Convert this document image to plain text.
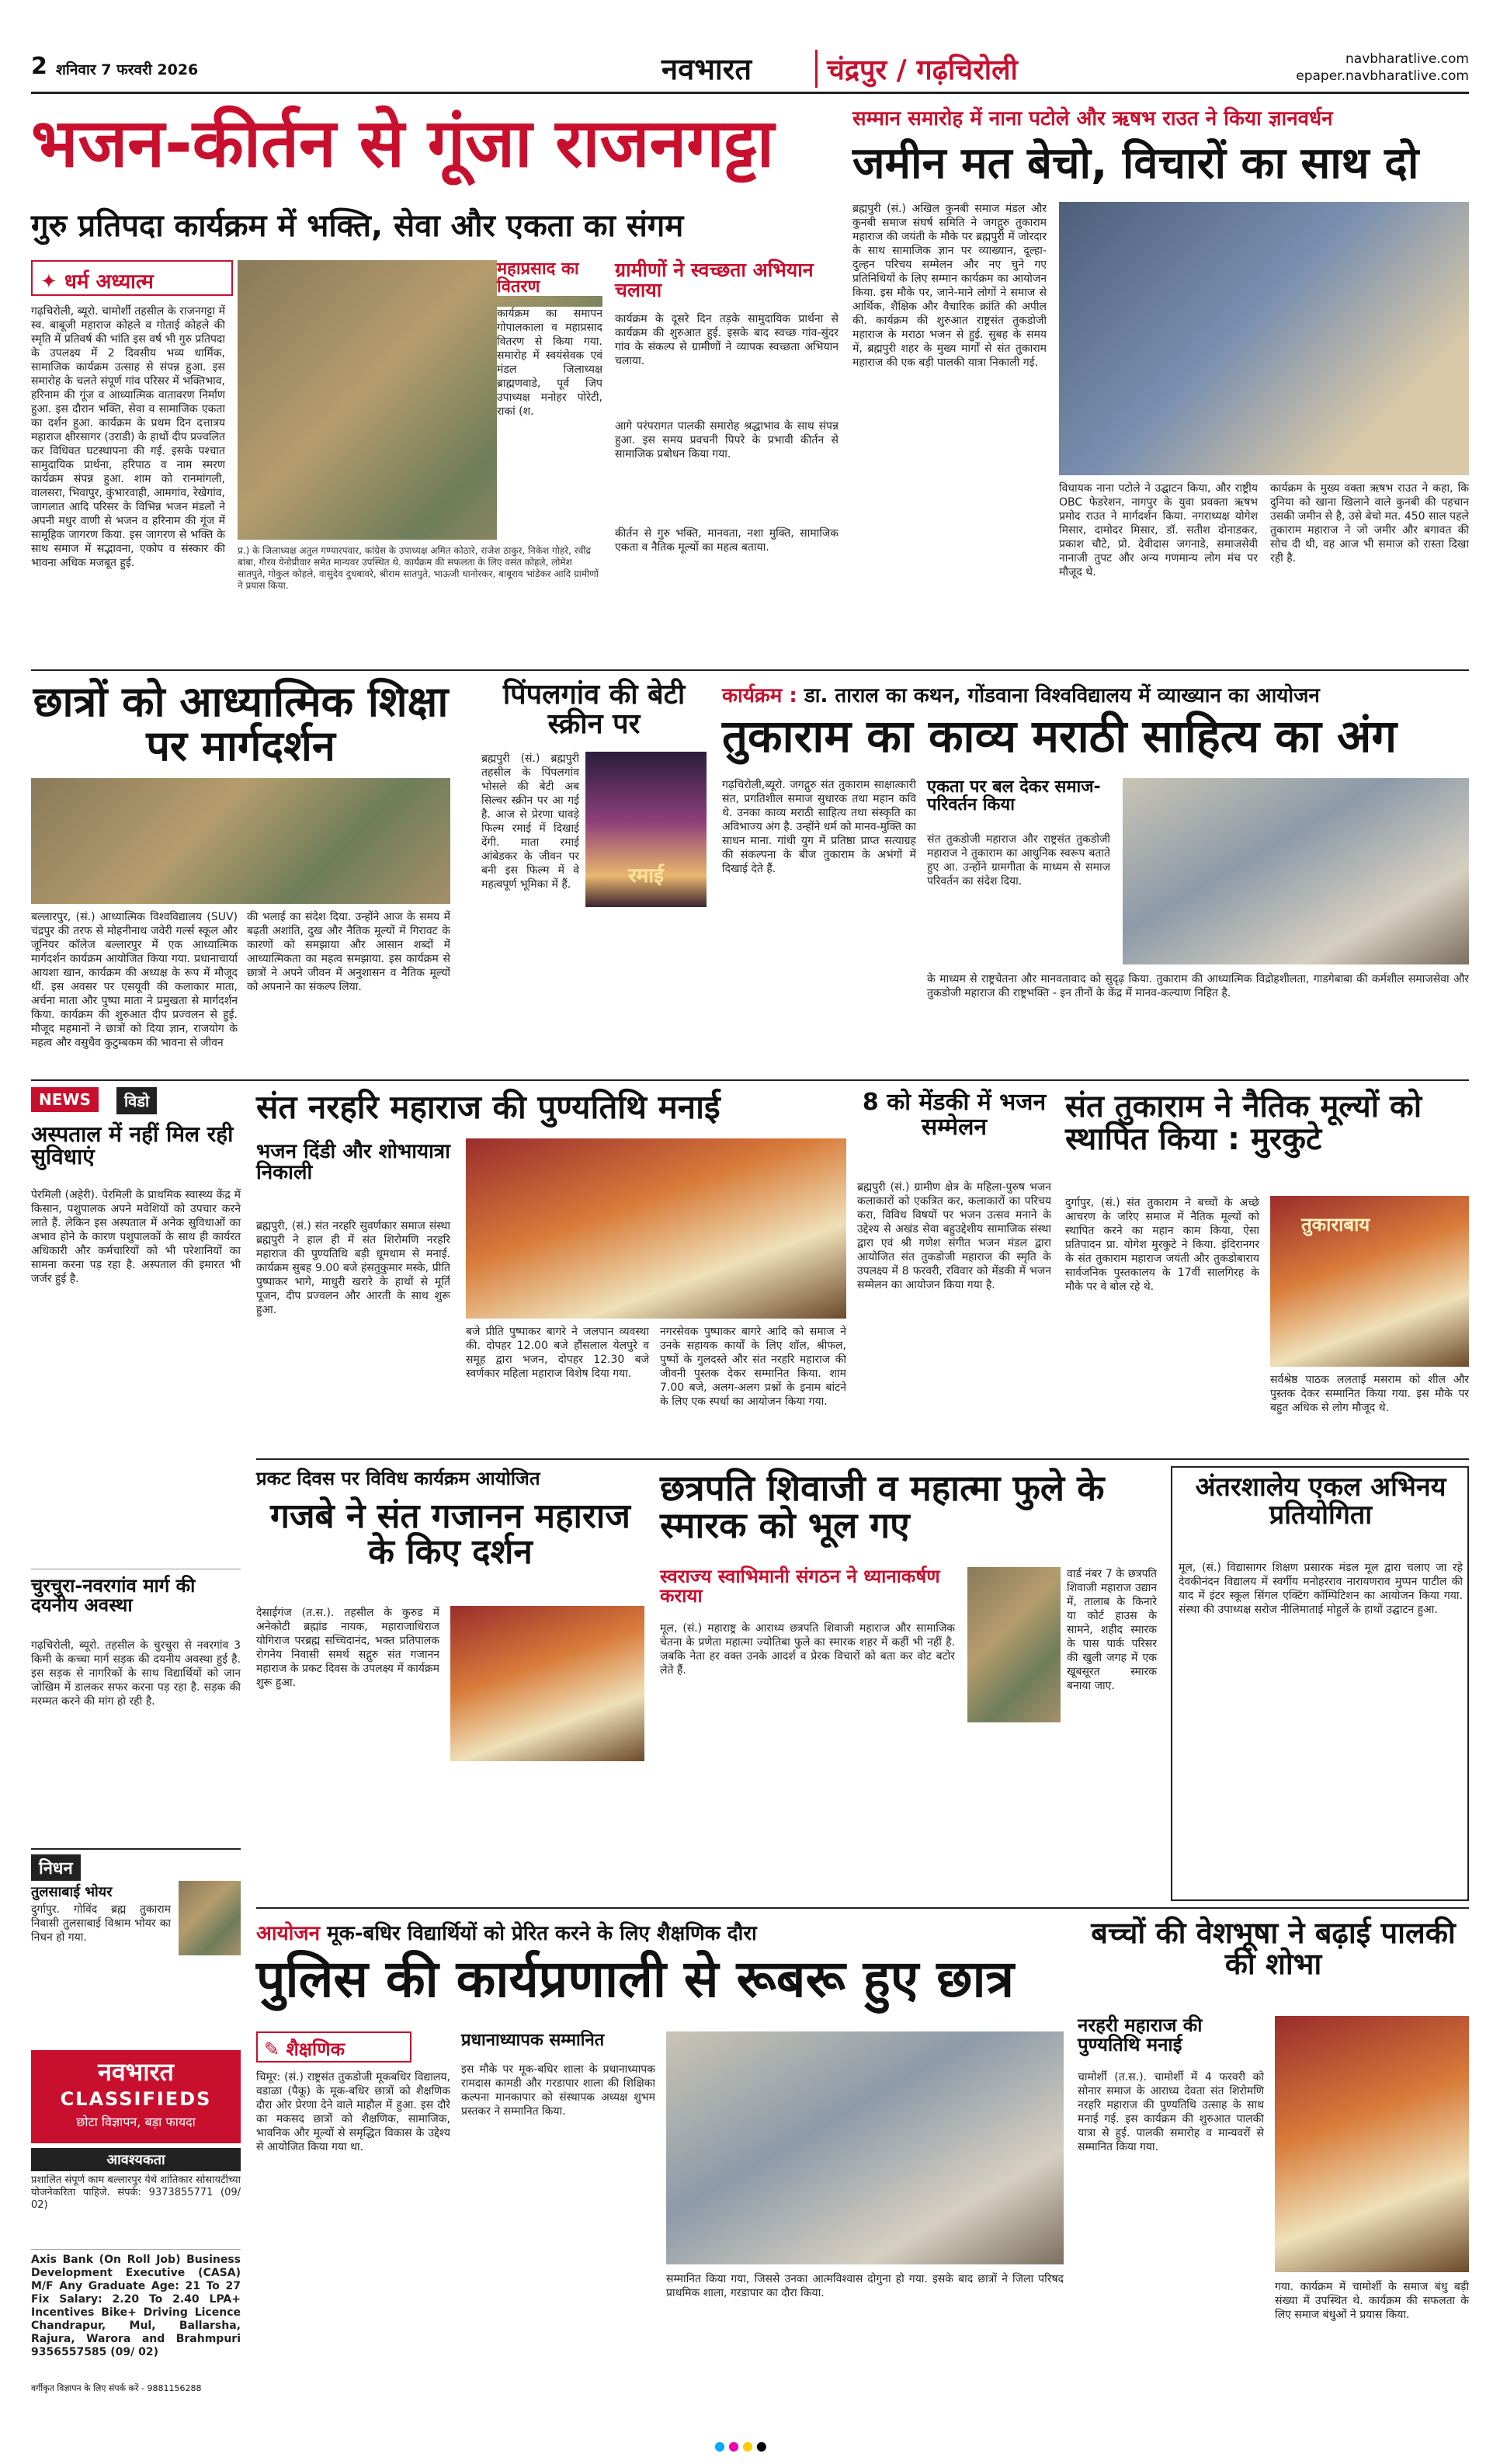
2 शनिवार 7 फरवरी 2026	नवभारत	चंद्रपुर / गढ़चिरोली	navbharatlive.com
epaper.navbharatlive.com
भजन-कीर्तन से गूंजा राजनगट्टा
गुरु प्रतिपदा कार्यक्रम में भक्ति, सेवा और एकता का संगम
✦ धर्म अध्यात्म
गढ़चिरोली, ब्यूरो. चामोर्शी तहसील के राजनगट्टा में स्व. बाबूजी महाराज कोहले व गोताई कोहले की स्मृति में प्रतिवर्ष की भांति इस वर्ष भी गुरु प्रतिपदा के उपलक्ष्य में 2 दिवसीय भव्य धार्मिक, सामाजिक कार्यक्रम उत्साह से संपन्न हुआ. इस समारोह के चलते संपूर्ण गांव परिसर में भक्तिभाव, हरिनाम की गूंज व आध्यात्मिक वातावरण निर्माण हुआ. इस दौरान भक्ति, सेवा व सामाजिक एकता का दर्शन हुआ. कार्यक्रम के प्रथम दिन दत्तात्रय महाराज क्षीरसागर (उराडी) के हाथों दीप प्रज्वलित कर विधिवत घटस्थापना की गई. इसके पश्चात सामुदायिक प्रार्थना, हरिपाठ व नाम स्मरण कार्यक्रम संपन्न हुआ. शाम को रानमांगली, वालसरा, भिवापुर, कुंभारवाही, आमगांव, रेखेगांव, जागलात आदि परिसर के विभिन्न भजन मंडलों ने अपनी मधुर वाणी से भजन व हरिनाम की गूंज में सामूहिक जागरण किया. इस जागरण से भक्ति के साथ समाज में सद्भावना, एकोप व संस्कार की भावना अधिक मजबूत हुई.
प्र.) के जिलाध्यक्ष अतुल गण्यारपवार, कांग्रेस के उपाध्यक्ष अमित कोठारे, राजेश ठाकुर, निकेश गोहरे, रवींद्र बांबा, गौरव येनोप्रीवार समेत मान्यवर उपस्थित थे. कार्यक्रम की सफलता के लिए वसंत कोहले, लोमेश सातपुते, गोकुल कोहले, वासुदेव दुधबावरे, श्रीराम सातपुते, भाऊजी धानोरकर, बाबूराव भांडेकर आदि ग्रामीणों ने प्रयास किया.
महाप्रसाद का वितरण
कार्यक्रम का समापन गोपालकाला व महाप्रसाद वितरण से किया गया. समारोह में स्वयंसेवक एवं मंडल जिलाध्यक्ष ब्राह्मणवाडे, पूर्व जिप उपाध्यक्ष मनोहर पोरेटी, राकां (श.
ग्रामीणों ने स्वच्छता अभियान चलाया
कार्यक्रम के दूसरे दिन तड़के सामुदायिक प्रार्थना से कार्यक्रम की शुरुआत हुई. इसके बाद स्वच्छ गांव-सुंदर गांव के संकल्प से ग्रामीणों ने व्यापक स्वच्छता अभियान चलाया.
आगे परंपरागत पालकी समारोह श्रद्धाभाव के साथ संपन्न हुआ. इस समय प्रवचनी पिपरे के प्रभावी कीर्तन से सामाजिक प्रबोधन किया गया.
कीर्तन से गुरु भक्ति, मानवता, नशा मुक्ति, सामाजिक एकता व नैतिक मूल्यों का महत्व बताया.
सम्मान समारोह में नाना पटोले और ऋषभ राउत ने किया ज्ञानवर्धन
जमीन मत बेचो, विचारों का साथ दो
ब्रह्मपुरी (सं.) अखिल कुनबी समाज मंडल और कुनबी समाज संघर्ष समिति ने जगद्गुरु तुकाराम महाराज की जयंती के मौके पर ब्रह्मपुरी में जोरदार के साथ सामाजिक ज्ञान पर व्याख्यान, दूल्हा-दुल्हन परिचय सम्मेलन और नए चुने गए प्रतिनिधियों के लिए सम्मान कार्यक्रम का आयोजन किया. इस मौके पर, जाने-माने लोगों ने समाज से आर्थिक, शैक्षिक और वैचारिक क्रांति की अपील की. कार्यक्रम की शुरुआत राष्ट्रसंत तुकडोजी महाराज के मराठा भजन से हुई. सुबह के समय में, ब्रह्मपुरी शहर के मुख्य मार्गों से संत तुकाराम महाराज की एक बड़ी पालकी यात्रा निकाली गई.
विधायक नाना पटोले ने उद्घाटन किया, और राष्ट्रीय OBC फेडरेशन, नागपुर के युवा प्रवक्ता ऋषभ प्रमोद राउत ने मार्गदर्शन किया. नगराध्यक्ष योगेश मिसार, दामोदर मिसार, डॉ. सतीश दोनाडकर, प्रकाश चौटे, प्रो. देवीदास जगनाडे, समाजसेवी नानाजी तुपट और अन्य गणमान्य लोग मंच पर मौजूद थे.
कार्यक्रम के मुख्य वक्ता ऋषभ राउत ने कहा, कि दुनिया को खाना खिलाने वाले कुनबी की पहचान उसकी जमीन से है, उसे बेचो मत. 450 साल पहले तुकाराम महाराज ने जो जमीर और बगावत की सोच दी थी, वह आज भी समाज को रास्ता दिखा रही है.
छात्रों को आध्यात्मिक शिक्षा पर मार्गदर्शन
बल्लारपुर, (सं.) आध्यात्मिक विश्वविद्यालय (SUV) चंद्रपुर की तरफ से मोहनीनाथ जवेरी गर्ल्स स्कूल और जूनियर कॉलेज बल्लारपुर में एक आध्यात्मिक मार्गदर्शन कार्यक्रम आयोजित किया गया. प्रधानाचार्या आयशा खान, कार्यक्रम की अध्यक्ष के रूप में मौजूद थीं. इस अवसर पर एसयूवी की कलाकार माता, अर्चना माता और पुष्पा माता ने प्रमुखता से मार्गदर्शन किया. कार्यक्रम की शुरुआत दीप प्रज्वलन से हुई. मौजूद महमानों ने छात्रों को दिया ज्ञान, राजयोग के महत्व और वसुधैव कुटुम्बकम की भावना से जीवन
की भलाई का संदेश दिया. उन्होंने आज के समय में बढ़ती अशांति, दुख और नैतिक मूल्यों में गिरावट के कारणों को समझाया और आसान शब्दों में आध्यात्मिकता का महत्व समझाया. इस कार्यक्रम से छात्रों ने अपने जीवन में अनुशासन व नैतिक मूल्यों को अपनाने का संकल्प लिया.
पिंपलगांव की बेटी स्क्रीन पर
ब्रह्मपुरी (सं.) ब्रह्मपुरी तहसील के पिंपलगांव भोसले की बेटी अब सिल्वर स्क्रीन पर आ गई है. आज से प्रेरणा धावड़े फिल्म रमाई में दिखाई देंगी. माता रमाई आंबेडकर के जीवन पर बनी इस फिल्म में वे महत्वपूर्ण भूमिका में हैं.	रमाई
कार्यक्रम : डा. ताराल का कथन, गोंडवाना विश्वविद्यालय में व्याख्यान का आयोजन
तुकाराम का काव्य मराठी साहित्य का अंग
गढ़चिरोली,ब्यूरो. जगद्गुरु संत तुकाराम साक्षात्कारी संत, प्रगतिशील समाज सुधारक तथा महान कवि थे. उनका काव्य मराठी साहित्य तथा संस्कृति का अविभाज्य अंग है. उन्होंने धर्म को मानव-मुक्ति का साधन माना. गांधी युग में प्रतिष्ठा प्राप्त सत्याग्रह की संकल्पना के बीज तुकाराम के अभंगों में दिखाई देते हैं.
एकता पर बल देकर समाज-परिवर्तन किया
संत तुकडोजी महाराज और राष्ट्रसंत तुकडोजी महाराज ने तुकाराम का आधुनिक स्वरूप बताते हुए आ. उन्होंने ग्रामगीता के माध्यम से समाज परिवर्तन का संदेश दिया.
के माध्यम से राष्ट्रचेतना और मानवतावाद को सुदृढ़ किया. तुकाराम की आध्यात्मिक विद्रोहशीलता, गाडगेबाबा की कर्मशील समाजसेवा और तुकडोजी महाराज की राष्ट्रभक्ति - इन तीनों के केंद्र में मानव-कल्याण निहित है.
NEWS	विडो
अस्पताल में नहीं मिल रही सुविधाएं
पेरमिली (अहेरी). पेरमिली के प्राथमिक स्वास्थ्य केंद्र में किसान, पशुपालक अपने मवेशियों को उपचार करने लाते हैं. लेकिन इस अस्पताल में अनेक सुविधाओं का अभाव होने के कारण पशुपालकों के साथ ही कार्यरत अधिकारी और कर्मचारियों को भी परेशानियों का सामना करना पड़ रहा है. अस्पताल की इमारत भी जर्जर हुई है.
चुरचुरा-नवरगांव मार्ग की दयनीय अवस्था
गढ़चिरोली, ब्यूरो. तहसील के चुरचुरा से नवरगांव 3 किमी के कच्चा मार्ग सड़क की दयनीय अवस्था हुई है. इस सड़क से नागरिकों के साथ विद्यार्थियों को जान जोखिम में डालकर सफर करना पड़ रहा है. सड़क की मरम्मत करने की मांग हो रही है.
निधन
तुलसाबाई भोयर
दुर्गापुर. गोविंद ब्रह्म तुकाराम निवासी तुलसाबाई विश्राम भोयर का निधन हो गया.
नवभारत
CLASSIFIEDS
छोटा विज्ञापन, बड़ा फायदा
आवश्यकता
प्रशालित संपूर्ण काम बल्लारपुर येथे शांतिकार सोसायटीच्या योजनेकरिता पाहिजे. संपर्क: 9373855771 (09/ 02)
Axis Bank (On Roll Job) Business Development Executive (CASA) M/F Any Graduate Age: 21 To 27 Fix Salary: 2.20 To 2.40 LPA+ Incentives Bike+ Driving Licence Chandrapur, Mul, Ballarsha, Rajura, Warora and Brahmpuri 9356557585 (09/ 02)
वर्गीकृत विज्ञापन के लिए संपर्क करें - 9881156288
संत नरहरि महाराज की पुण्यतिथि मनाई
भजन दिंडी और शोभायात्रा निकाली
ब्रह्मपुरी, (सं.) संत नरहरि सुवर्णकार समाज संस्था ब्रह्मपुरी ने हाल ही में संत शिरोमणि नरहरि महाराज की पुण्यतिथि बड़ी धूमधाम से मनाई. कार्यक्रम सुबह 9.00 बजे हंसतुकुमार मस्के, प्रीति पुष्पाकर भागे, माधुरी खरारे के हाथों से मूर्ति पूजन, दीप प्रज्वलन और आरती के साथ शुरू हुआ.
बजे प्रीति पुष्पाकर बागरे ने जलपान व्यवस्था की. दोपहर 12.00 बजे हौंसलाल येलपुरे व समूह द्वारा भजन, दोपहर 12.30 बजे स्वर्णकार महिला महाराज विशेष दिया गया.
नगरसेवक पुष्पाकर बागरे आदि को समाज ने उनके सहायक कार्यों के लिए शॉल, श्रीफल, पुष्पों के गुलदस्ते और संत नरहरि महाराज की जीवनी पुस्तक देकर सम्मानित किया. शाम 7.00 बजे, अलग-अलग प्रश्नों के इनाम बांटने के लिए एक स्पर्धा का आयोजन किया गया.
8 को मेंडकी में भजन सम्मेलन
ब्रह्मपुरी (सं.) ग्रामीण क्षेत्र के महिला-पुरुष भजन कलाकारों को एकत्रित कर, कलाकारों का परिचय करा, विविध विषयों पर भजन उत्सव मनाने के उद्देश्य से अखंड सेवा बहुउद्देशीय सामाजिक संस्था द्वारा एवं श्री गणेश संगीत भजन मंडल द्वारा आयोजित संत तुकडोजी महाराज की स्मृति के उपलक्ष्य में 8 फरवरी, रविवार को मेंडकी में भजन सम्मेलन का आयोजन किया गया है.
संत तुकाराम ने नैतिक मूल्यों को स्थापित किया : मुरकुटे
दुर्गापुर, (सं.) संत तुकाराम ने बच्चों के अच्छे आचरण के जरिए समाज में नैतिक मूल्यों को स्थापित करने का महान काम किया, ऐसा प्रतिपादन प्रा. योगेश मुरकुटे ने किया. इंदिरानगर के संत तुकाराम महाराज जयंती और तुकडोबाराय सार्वजनिक पुस्तकालय के 17वीं सालगिरह के मौके पर वे बोल रहे थे.
तुकाराबाय
सर्वश्रेष्ठ पाठक ललताई मसराम को शील और पुस्तक देकर सम्मानित किया गया. इस मौके पर बहुत अधिक से लोग मौजूद थे.
प्रकट दिवस पर विविध कार्यक्रम आयोजित
गजबे ने संत गजानन महाराज के किए दर्शन
देसाईगंज (त.स.). तहसील के कुरुड में अनेकोटी ब्रह्मांड नायक, महाराजाधिराज योगिराज परब्रह्म सच्चिदानंद, भक्त प्रतिपालक रोगनेय निवासी समर्थ सद्गुरु संत गजानन महाराज के प्रकट दिवस के उपलक्ष्य में कार्यक्रम शुरू हुआ.
छत्रपति शिवाजी व महात्मा फुले के स्मारक को भूल गए
स्वराज्य स्वाभिमानी संगठन ने ध्यानाकर्षण कराया
मूल, (सं.) महाराष्ट्र के आराध्य छत्रपति शिवाजी महाराज और सामाजिक चेतना के प्रणेता महात्मा ज्योतिबा फुले का स्मारक शहर में कहीं भी नहीं है. जबकि नेता हर वक्त उनके आदर्श व प्रेरक विचारों को बता कर वोट बटोर लेते हैं.
वार्ड नंबर 7 के छत्रपति शिवाजी महाराज उद्यान में, तालाब के किनारे या कोर्ट हाउस के सामने, शहीद स्मारक के पास पार्क परिसर की खुली जगह में एक खूबसूरत स्मारक बनाया जाए.
अंतरशालेय एकल अभिनय प्रतियोगिता
मूल, (सं.) विद्यासागर शिक्षण प्रसारक मंडल मूल द्वारा चलाए जा रहे देवकीनंदन विद्यालय में स्वर्गीय मनोहरराव नारायणराव मुप्पन पाटील की याद में इंटर स्कूल सिंगल एक्टिंग कॉम्पिटिशन का आयोजन किया गया. संस्था की उपाध्यक्ष सरोज नीलिमाताई मोहुर्ले के हाथों उद्घाटन हुआ.
आयोजन मूक-बधिर विद्यार्थियों को प्रेरित करने के लिए शैक्षणिक दौरा
पुलिस की कार्यप्रणाली से रूबरू हुए छात्र
✎ शैक्षणिक
चिमूर: (सं.) राष्ट्रसंत तुकडोजी मूकबधिर विद्यालय, वडाळा (पैकू) के मूक-बधिर छात्रों को शैक्षणिक दौरा ओर प्रेरणा देने वाले माहौल में हुआ. इस दौरे का मकसद छात्रों को शैक्षणिक, सामाजिक, भावनिक और मूल्यों से समृद्धित विकास के उद्देश्य से आयोजित किया गया था.
प्रधानाध्यापक सम्मानित
इस मौके पर मूक-बधिर शाला के प्रधानाध्यापक रामदास कामडी और गरडापार शाला की शिक्षिका कल्पना मानकापार को संस्थापक अध्यक्ष शुभम प्रस्तकर ने सम्मानित किया.
सम्मानित किया गया, जिससे उनका आत्मविश्वास दोगुना हो गया. इसके बाद छात्रों ने जिला परिषद प्राथमिक शाला, गरडापार का दौरा किया.
बच्चों की वेशभूषा ने बढ़ाई पालकी की शोभा
नरहरी महाराज की पुण्यतिथि मनाई
चामोर्शी (त.स.). चामोर्शी में 4 फरवरी को सोनार समाज के आराध्य देवता संत शिरोमणि नरहरि महाराज की पुण्यतिथि उत्साह के साथ मनाई गई. इस कार्यक्रम की शुरुआत पालकी यात्रा से हुई. पालकी समारोह व मान्यवरों से सम्मानित किया गया.
गया. कार्यक्रम में चामोर्शी के समाज बंधु बड़ी संख्या में उपस्थित थे. कार्यक्रम की सफलता के लिए समाज बंधुओं ने प्रयास किया.
●●●●
